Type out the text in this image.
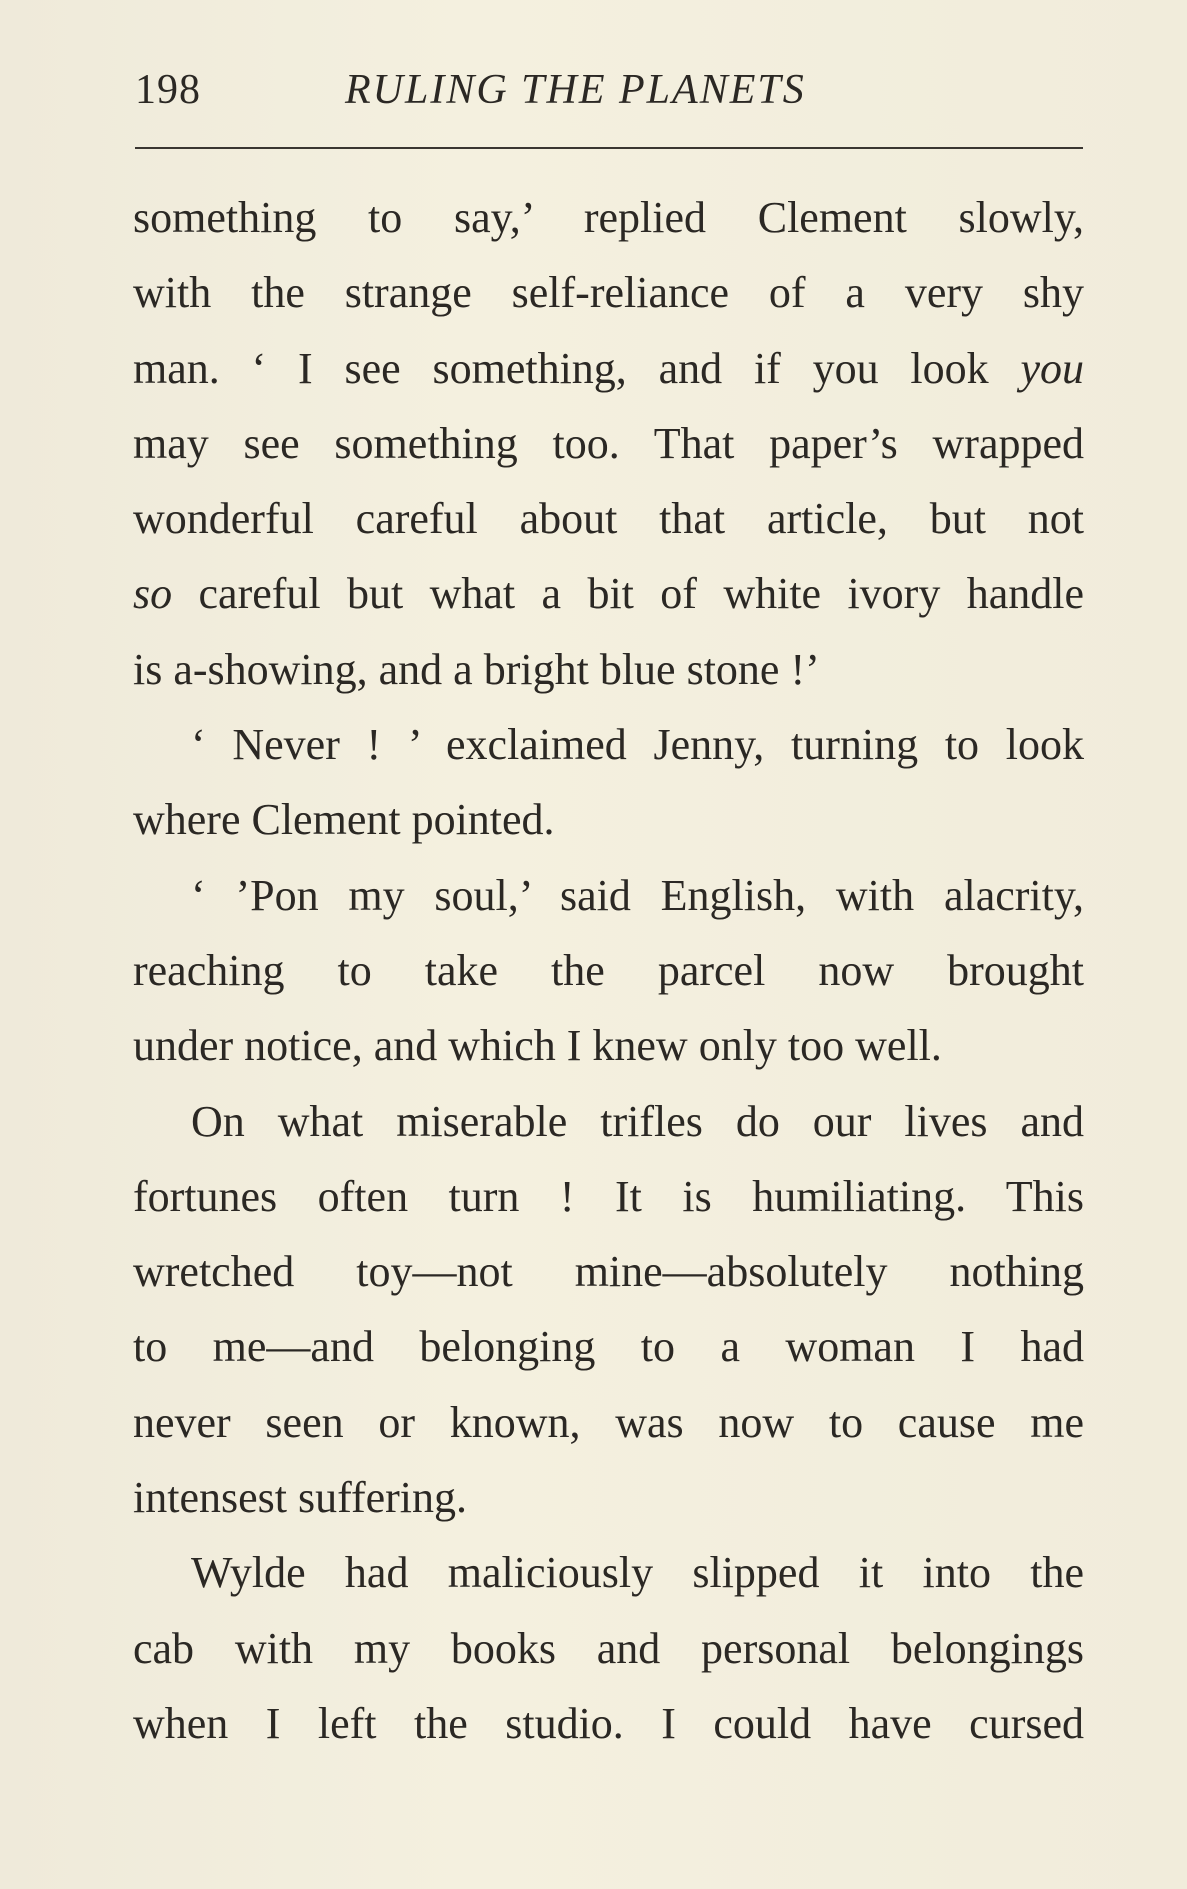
198	RULING THE PLANETS
something to say,’ replied Clement slowly,
with the strange self-reliance of a very shy
man. ‘ I see something, and if you look you
may see something too. That paper’s wrapped
wonderful careful about that article, but not
so careful but what a bit of white ivory handle
is a-showing, and a bright blue stone !’
‘ Never ! ’ exclaimed Jenny, turning to look
where Clement pointed.
‘ ’Pon my soul,’ said English, with alacrity,
reaching to take the parcel now brought
under notice, and which I knew only too well.
On what miserable trifles do our lives and
fortunes often turn ! It is humiliating. This
wretched toy—not mine—absolutely nothing
to me—and belonging to a woman I had
never seen or known, was now to cause me
intensest suffering.
Wylde had maliciously slipped it into the
cab with my books and personal belongings
when I left the studio. I could have cursed
